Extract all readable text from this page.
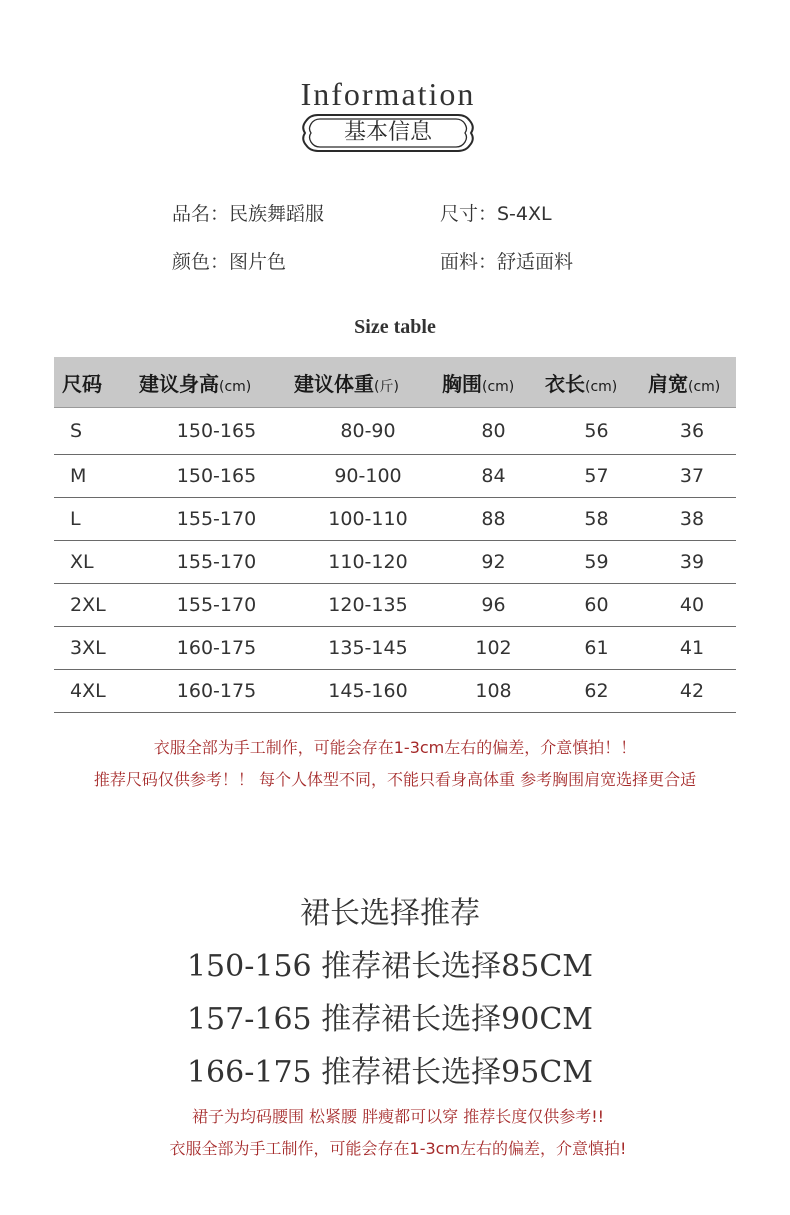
Information
基本信息
品名：民族舞蹈服	尺寸：S-4XL
颜色：图片色	面料：舒适面料
Size table
尺码	建议身高(cm)	建议体重(斤)	胸围(cm)	衣长(cm)	肩宽(cm)
S	150-165	80-90	80	56	36
M	150-165	90-100	84	57	37
L	155-170	100-110	88	58	38
XL	155-170	110-120	92	59	39
2XL	155-170	120-135	96	60	40
3XL	160-175	135-145	102	61	41
4XL	160-175	145-160	108	62	42
衣服全部为手工制作，可能会存在1-3cm左右的偏差，介意慎拍！！
推荐尺码仅供参考！！ 每个人体型不同，不能只看身高体重 参考胸围肩宽选择更合适
裙长选择推荐
150-156 推荐裙长选择85CM
157-165 推荐裙长选择90CM
166-175 推荐裙长选择95CM
裙子为均码腰围 松紧腰 胖瘦都可以穿 推荐长度仅供参考!!
衣服全部为手工制作，可能会存在1-3cm左右的偏差，介意慎拍!
